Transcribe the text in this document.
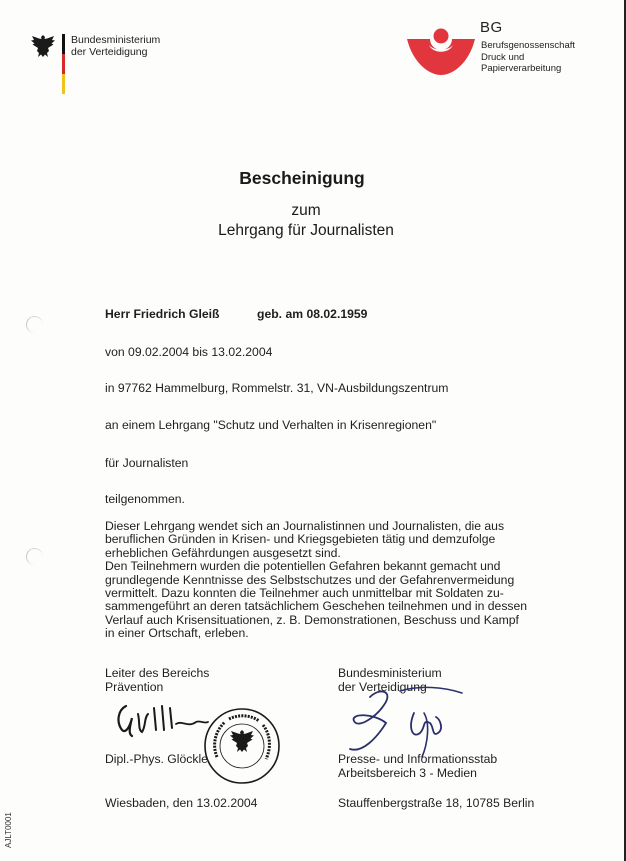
Bundesministerium
der Verteidigung
BG
Berufsgenossenschaft
Druck und
Papierverarbeitung
Bescheinigung
zum
Lehrgang für Journalisten
Herr Friedrich Gleiß	geb. am 08.02.1959
von 09.02.2004 bis 13.02.2004
in 97762 Hammelburg, Rommelstr. 31, VN-Ausbildungszentrum
an einem Lehrgang "Schutz und Verhalten in Krisenregionen"
für Journalisten
teilgenommen.
Dieser Lehrgang wendet sich an Journalistinnen und Journalisten, die aus
beruflichen Gründen in Krisen- und Kriegsgebieten tätig und demzufolge
erheblichen Gefährdungen ausgesetzt sind.
Den Teilnehmern wurden die potentiellen Gefahren bekannt gemacht und
grundlegende Kenntnisse des Selbstschutzes und der Gefahrenvermeidung
vermittelt. Dazu konnten die Teilnehmer auch unmittelbar mit Soldaten zu-
sammengeführt an deren tatsächlichem Geschehen teilnehmen und in dessen
Verlauf auch Krisensituationen, z. B. Demonstrationen, Beschuss und Kampf
in einer Ortschaft, erleben.
Leiter des Bereichs
Prävention
Dipl.-Phys. Glöckle
Wiesbaden, den 13.02.2004
Bundesministerium
der Verteidigung
Presse- und Informationsstab
Arbeitsbereich 3 - Medien
Stauffenbergstraße 18, 10785 Berlin
AJLT0001
